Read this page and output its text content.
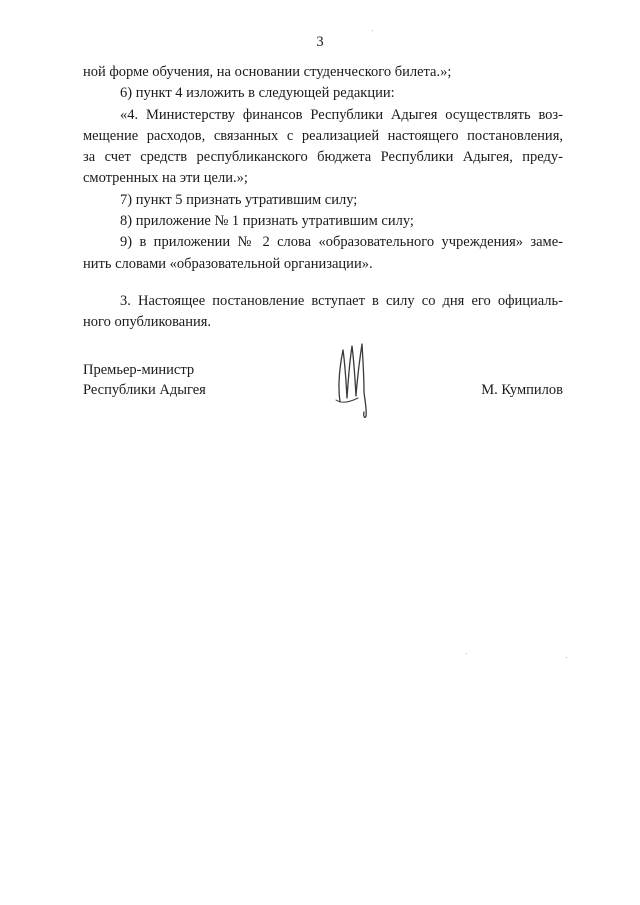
3
ной форме обучения, на основании студенческого билета.»;
6) пункт 4 изложить в следующей редакции:
«4. Министерству финансов Республики Адыгея осуществлять воз-
мещение расходов, связанных с реализацией настоящего постановления,
за счет средств республиканского бюджета Республики Адыгея, преду-
смотренных на эти цели.»;
7) пункт 5 признать утратившим силу;
8) приложение № 1 признать утратившим силу;
9) в приложении № 2 слова «образовательного учреждения» заме-
нить словами «образовательной организации».
3. Настоящее постановление вступает в силу со дня его официаль-
ного опубликования.
Премьер-министр
Республики Адыгея	М. Кумпилов
